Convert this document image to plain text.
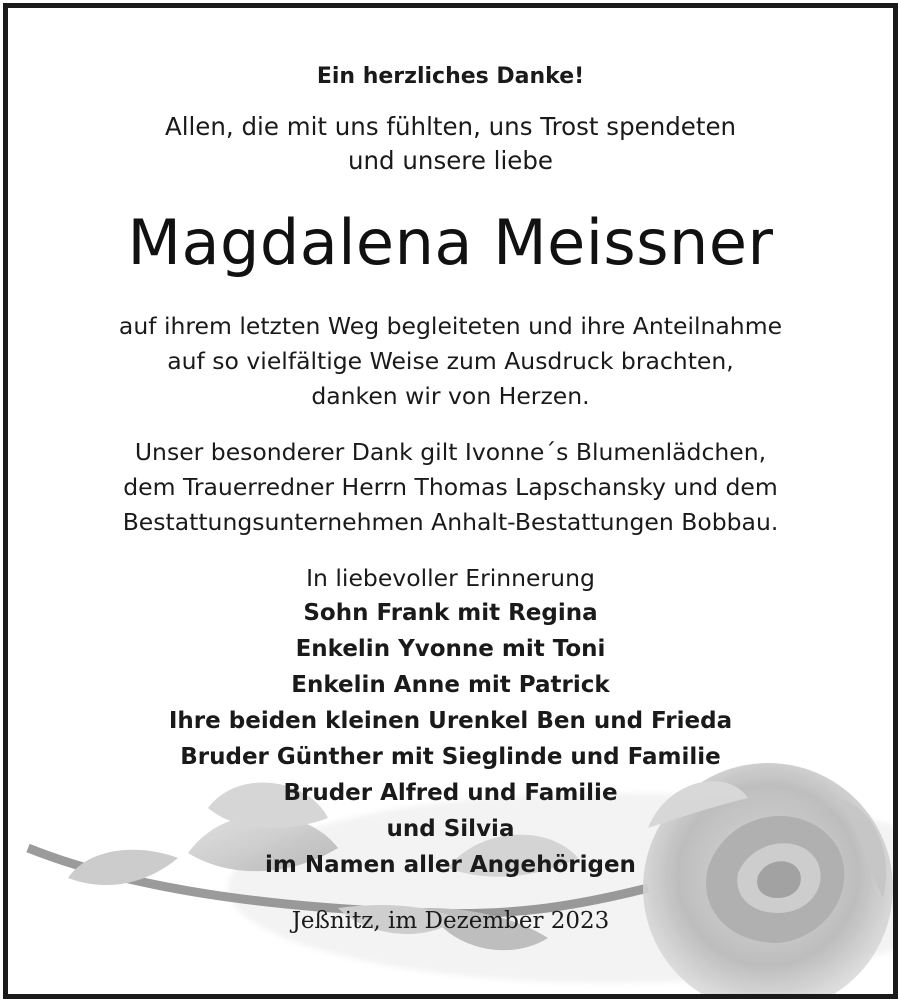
Ein herzliches Danke!
Allen, die mit uns fühlten, uns Trost spendeten
und unsere liebe
Magdalena Meissner
auf ihrem letzten Weg begleiteten und ihre Anteilnahme
auf so vielfältige Weise zum Ausdruck brachten,
danken wir von Herzen.
Unser besonderer Dank gilt Ivonne´s Blumenlädchen,
dem Trauerredner Herrn Thomas Lapschansky und dem
Bestattungsunternehmen Anhalt-Bestattungen Bobbau.
In liebevoller Erinnerung
Sohn Frank mit Regina
Enkelin Yvonne mit Toni
Enkelin Anne mit Patrick
Ihre beiden kleinen Urenkel Ben und Frieda
Bruder Günther mit Sieglinde und Familie
Bruder Alfred und Familie
und Silvia
im Namen aller Angehörigen
Jeßnitz, im Dezember 2023
